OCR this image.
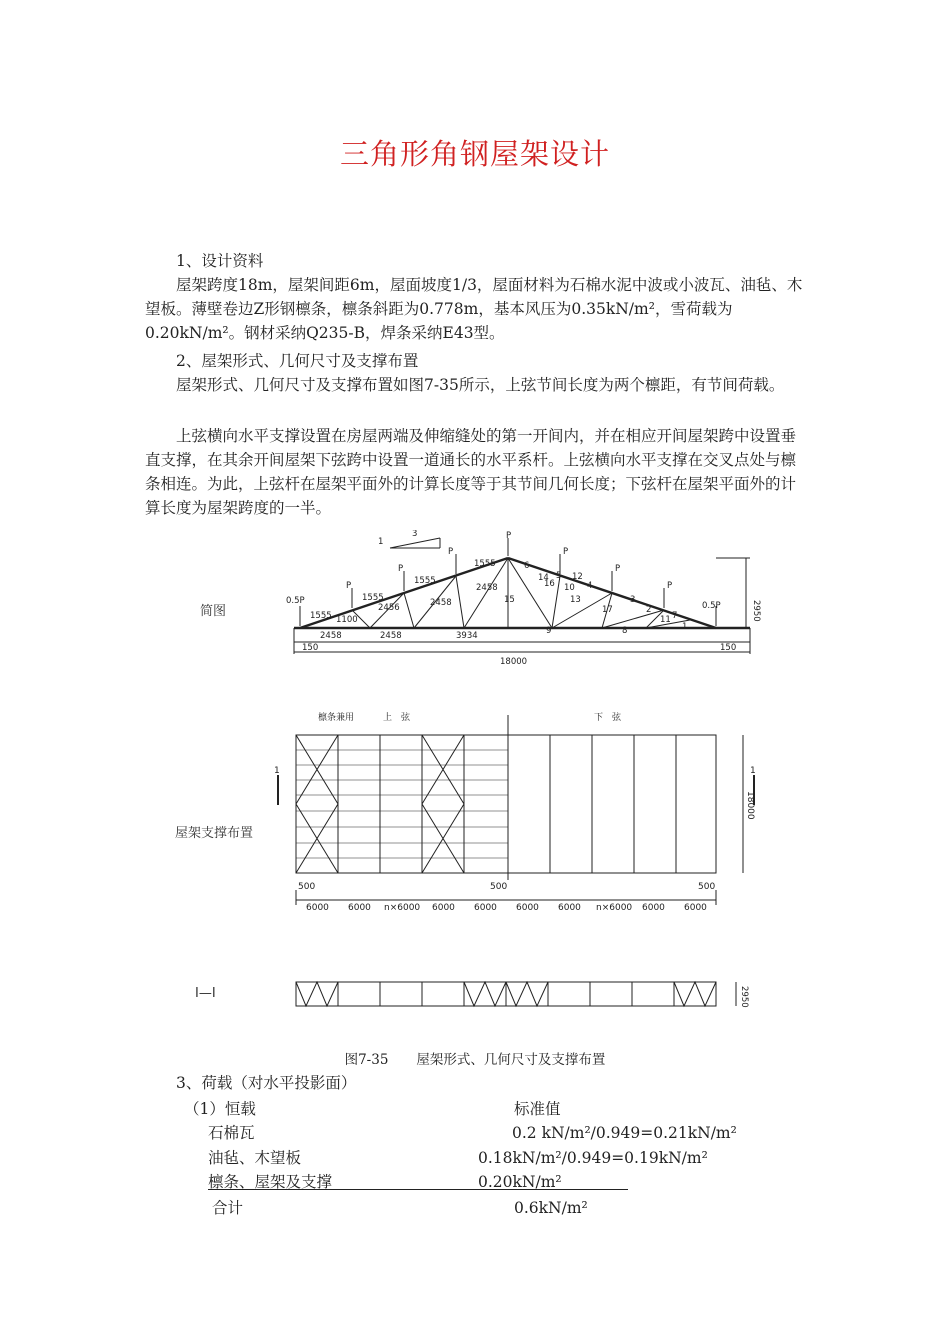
三角形角钢屋架设计

1、设计资料

屋架跨度18m，屋架间距6m，屋面坡度1/3，屋面材料为石棉水泥中波或小波瓦、油毡、木望板。薄壁卷边Z形钢檩条，檩条斜距为0.778m，基本风压为0.35kN/m²，雪荷载为0.20kN/m²。钢材采纳Q235-B，焊条采纳E43型。

2、屋架形式、几何尺寸及支撑布置

屋架形式、几何尺寸及支撑布置如图7-35所示，上弦节间长度为两个檩距，有节间荷载。

上弦横向水平支撑设置在房屋两端及伸缩缝处的第一开间内，并在相应开间屋架跨中设置垂直支撑，在其余开间屋架下弦跨中设置一道通长的水平系杆。上弦横向水平支撑在交叉点处与檩条相连。为此，上弦杆在屋架平面外的计算长度等于其节间几何长度；下弦杆在屋架平面外的计算长度为屋架跨度的一半。

简图
屋架支撑布置
I—I
0.5P	0.5P
P
P
P
P
P
P
P
1
3
1555
1555
1555
1555
2458
2458
2456
1100
2458	2458	3934
150	150
18000
2950
15
9	8	1
7
2
3
4
5
6
17
13
14
10
16
12
11
檩条兼用	上　弦	下　弦
18000
1	1
500	500	500
6000 6000 n×6000 6000 6000 6000 6000 n×6000 6000 6000
2950
图7-35 屋架形式、几何尺寸及支撑布置

3、荷载（对水平投影面）

（1）恒载	标准值
石棉瓦	0.2 kN/m²/0.949=0.21kN/m²
油毡、木望板	0.18kN/m²/0.949=0.19kN/m²
檩条、屋架及支撑	0.20kN/m²
合计	0.6kN/m²
